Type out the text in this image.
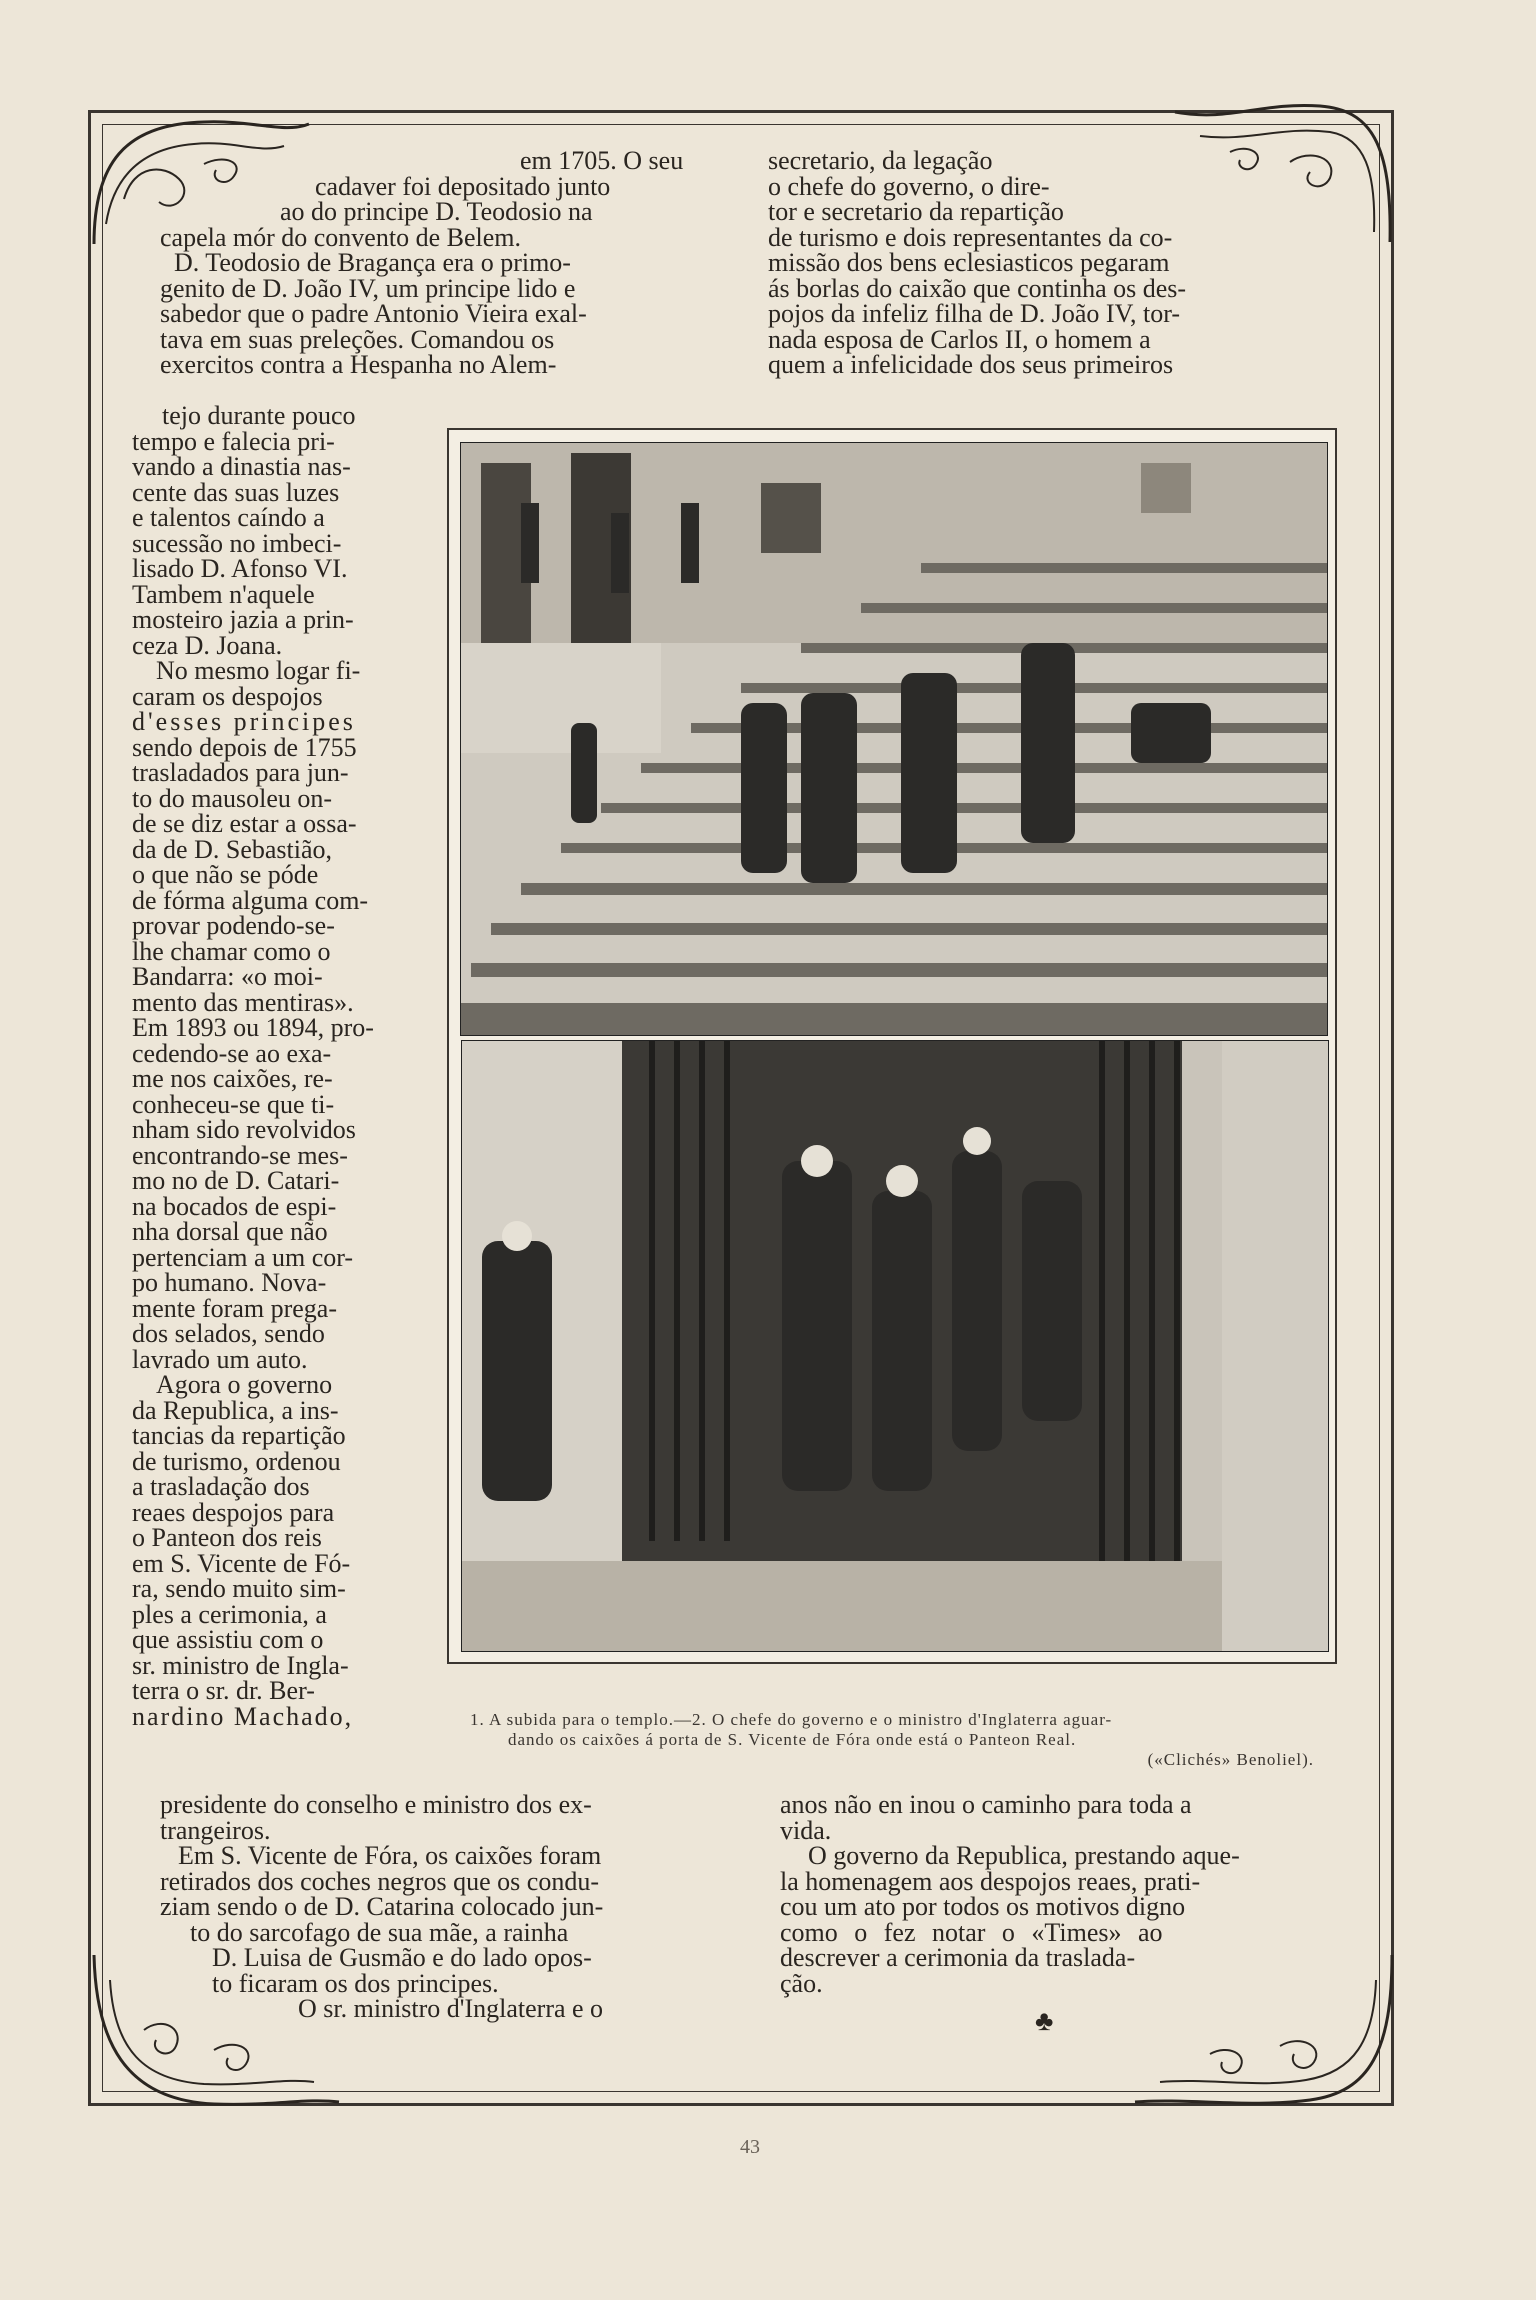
em 1705. O seu

cadaver foi depositado junto

ao do principe D. Teodosio na

capela mór do convento de Belem.

D. Teodosio de Bragança era o primo-

genito de D. João IV, um principe lido e

sabedor que o padre Antonio Vieira exal-

tava em suas preleções. Comandou os

exercitos contra a Hespanha no Alem-

secretario, da legação

o chefe do governo, o dire-

tor e secretario da repartição

de turismo e dois representantes da co-

missão dos bens eclesiasticos pegaram

ás borlas do caixão que continha os des-

pojos da infeliz filha de D. João IV, tor-

nada esposa de Carlos II, o homem a

quem a infelicidade dos seus primeiros

tejo durante pouco

tempo e falecia pri-

vando a dinastia nas-

cente das suas luzes

e talentos caíndo a

sucessão no imbeci-

lisado D. Afonso VI.

Tambem n'aquele

mosteiro jazia a prin-

ceza D. Joana.

No mesmo logar fi-

caram os despojos

d'esses principes

sendo depois de 1755

trasladados para jun-

to do mausoleu on-

de se diz estar a ossa-

da de D. Sebastião,

o que não se póde

de fórma alguma com-

provar podendo-se-

lhe chamar como o

Bandarra: «o moi-

mento das mentiras».

Em 1893 ou 1894, pro-

cedendo-se ao exa-

me nos caixões, re-

conheceu-se que ti-

nham sido revolvidos

encontrando-se mes-

mo no de D. Catari-

na bocados de espi-

nha dorsal que não

pertenciam a um cor-

po humano. Nova-

mente foram prega-

dos selados, sendo

lavrado um auto.

Agora o governo

da Republica, a ins-

tancias da repartição

de turismo, ordenou

a trasladação dos

reaes despojos para

o Panteon dos reis

em S. Vicente de Fó-

ra, sendo muito sim-

ples a cerimonia, a

que assistiu com o

sr. ministro de Ingla-

terra o sr. dr. Ber-

nardino Machado,	1. A subida para o templo.—2. O chefe do governo e o ministro d'Inglaterra aguar-
dando os caixões á porta de S. Vicente de Fóra onde está o Panteon Real.
(«Clichés» Benoliel).

presidente do conselho e ministro dos ex-

trangeiros.

Em S. Vicente de Fóra, os caixões foram

retirados dos coches negros que os condu-

ziam sendo o de D. Catarina colocado jun-

to do sarcofago de sua mãe, a rainha

D. Luisa de Gusmão e do lado opos-

to ficaram os dos principes.

O sr. ministro d'Inglaterra e o

anos não en inou o caminho para toda a

vida.

O governo da Republica, prestando aque-

la homenagem aos despojos reaes, prati-

cou um ato por todos os motivos digno

como o fez notar o «Times» ao

descrever a cerimonia da traslada-

ção.

♣
43
